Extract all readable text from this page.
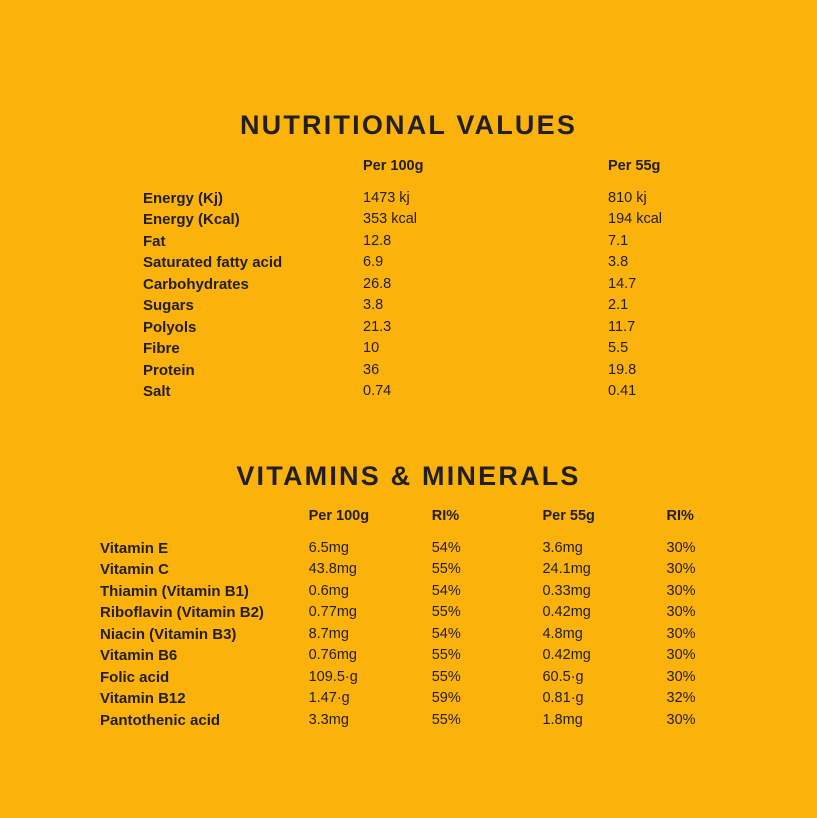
NUTRITIONAL VALUES
	Per 100g	Per 55g
Energy (Kj)	1473 kj	810 kj
Energy (Kcal)	353 kcal	194 kcal
Fat	12.8	7.1
Saturated fatty acid	6.9	3.8
Carbohydrates	26.8	14.7
Sugars	3.8	2.1
Polyols	21.3	11.7
Fibre	10	5.5
Protein	36	19.8
Salt	0.74	0.41
VITAMINS & MINERALS
	Per 100g	RI%	Per 55g	RI%
Vitamin E	6.5mg	54%	3.6mg	30%
Vitamin C	43.8mg	55%	24.1mg	30%
Thiamin (Vitamin B1)	0.6mg	54%	0.33mg	30%
Riboflavin (Vitamin B2)	0.77mg	55%	0.42mg	30%
Niacin (Vitamin B3)	8.7mg	54%	4.8mg	30%
Vitamin B6	0.76mg	55%	0.42mg	30%
Folic acid	109.5·g	55%	60.5·g	30%
Vitamin B12	1.47·g	59%	0.81·g	32%
Pantothenic acid	3.3mg	55%	1.8mg	30%
